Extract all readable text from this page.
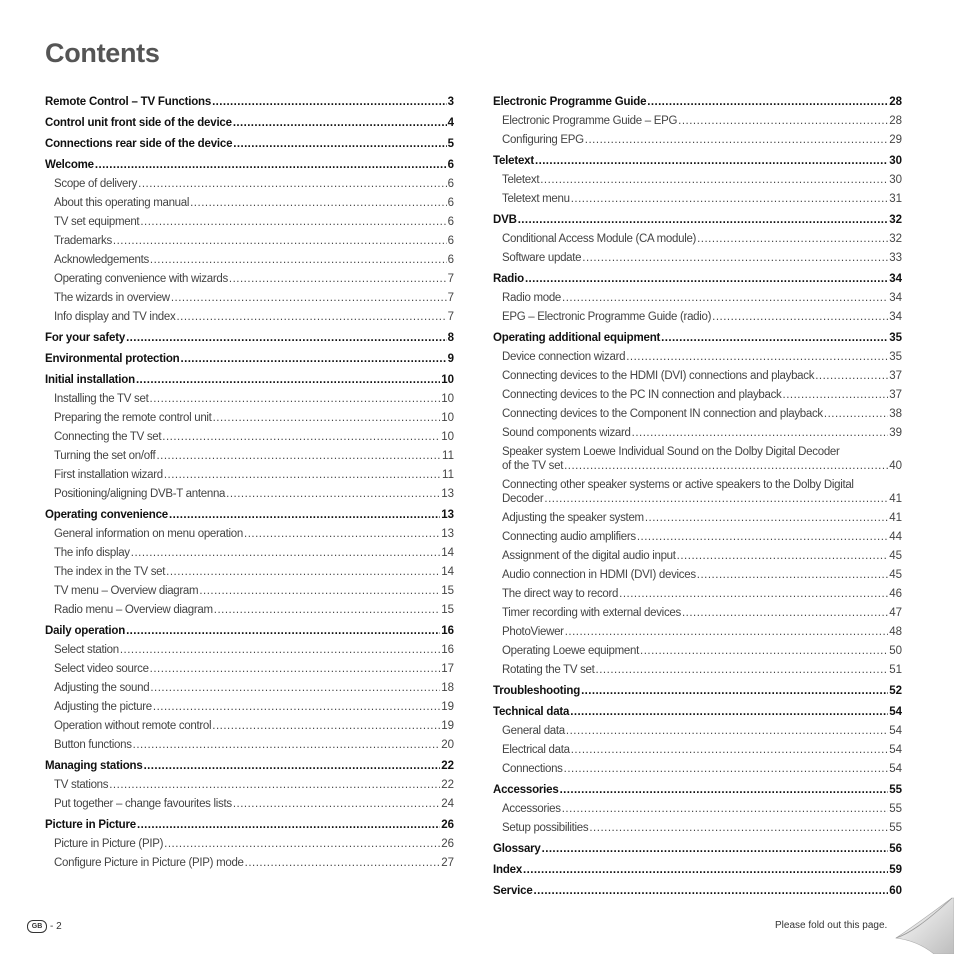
Contents
Remote Control – TV Functions .....	3
Control unit front side of the device .....	4
Connections rear side of the device .....	5
Welcome .....	6
Scope of delivery .....	6
About this operating manual .....	6
TV set equipment .....	6
Trademarks .....	6
Acknowledgements .....	6
Operating convenience with wizards .....	7
The wizards in overview .....	7
Info display and TV index .....	7
For your safety .....	8
Environmental protection .....	9
Initial installation .....	10
Installing the TV set .....	10
Preparing the remote control unit .....	10
Connecting the TV set .....	10
Turning the set on/off .....	11
First installation wizard .....	11
Positioning/aligning DVB-T antenna .....	13
Operating convenience .....	13
General information on menu operation .....	13
The info display .....	14
The index in the TV set .....	14
TV menu – Overview diagram .....	15
Radio menu – Overview diagram .....	15
Daily operation .....	16
Select station .....	16
Select video source .....	17
Adjusting the sound .....	18
Adjusting the picture .....	19
Operation without remote control .....	19
Button functions .....	20
Managing stations .....	22
TV stations .....	22
Put together – change favourites lists .....	24
Picture in Picture .....	26
Picture in Picture (PIP) .....	26
Configure Picture in Picture (PIP) mode .....	27
Electronic Programme Guide .....	28
Electronic Programme Guide – EPG .....	28
Configuring EPG .....	29
Teletext .....	30
Teletext .....	30
Teletext menu .....	31
DVB .....	32
Conditional Access Module (CA module) .....	32
Software update .....	33
Radio .....	34
Radio mode .....	34
EPG – Electronic Programme Guide (radio) .....	34
Operating additional equipment .....	35
Device connection wizard .....	35
Connecting devices to the HDMI (DVI) connections and playback .....	37
Connecting devices to the PC IN connection and playback .....	37
Connecting devices to the Component IN connection and playback .....	38
Sound components wizard .....	39
Speaker system Loewe Individual Sound on the Dolby Digital Decoder
of the TV set .....	40
Connecting other speaker systems or active speakers to the Dolby Digital
Decoder .....	41
Adjusting the speaker system .....	41
Connecting audio amplifiers .....	44
Assignment of the digital audio input .....	45
Audio connection in HDMI (DVI) devices .....	45
The direct way to record .....	46
Timer recording with external devices .....	47
PhotoViewer .....	48
Operating Loewe equipment .....	50
Rotating the TV set .....	51
Troubleshooting .....	52
Technical data .....	54
General data .....	54
Electrical data .....	54
Connections .....	54
Accessories .....	55
Accessories .....	55
Setup possibilities .....	55
Glossary .....	56
Index .....	59
Service .....	60
GB - 2	Please fold out this page.
